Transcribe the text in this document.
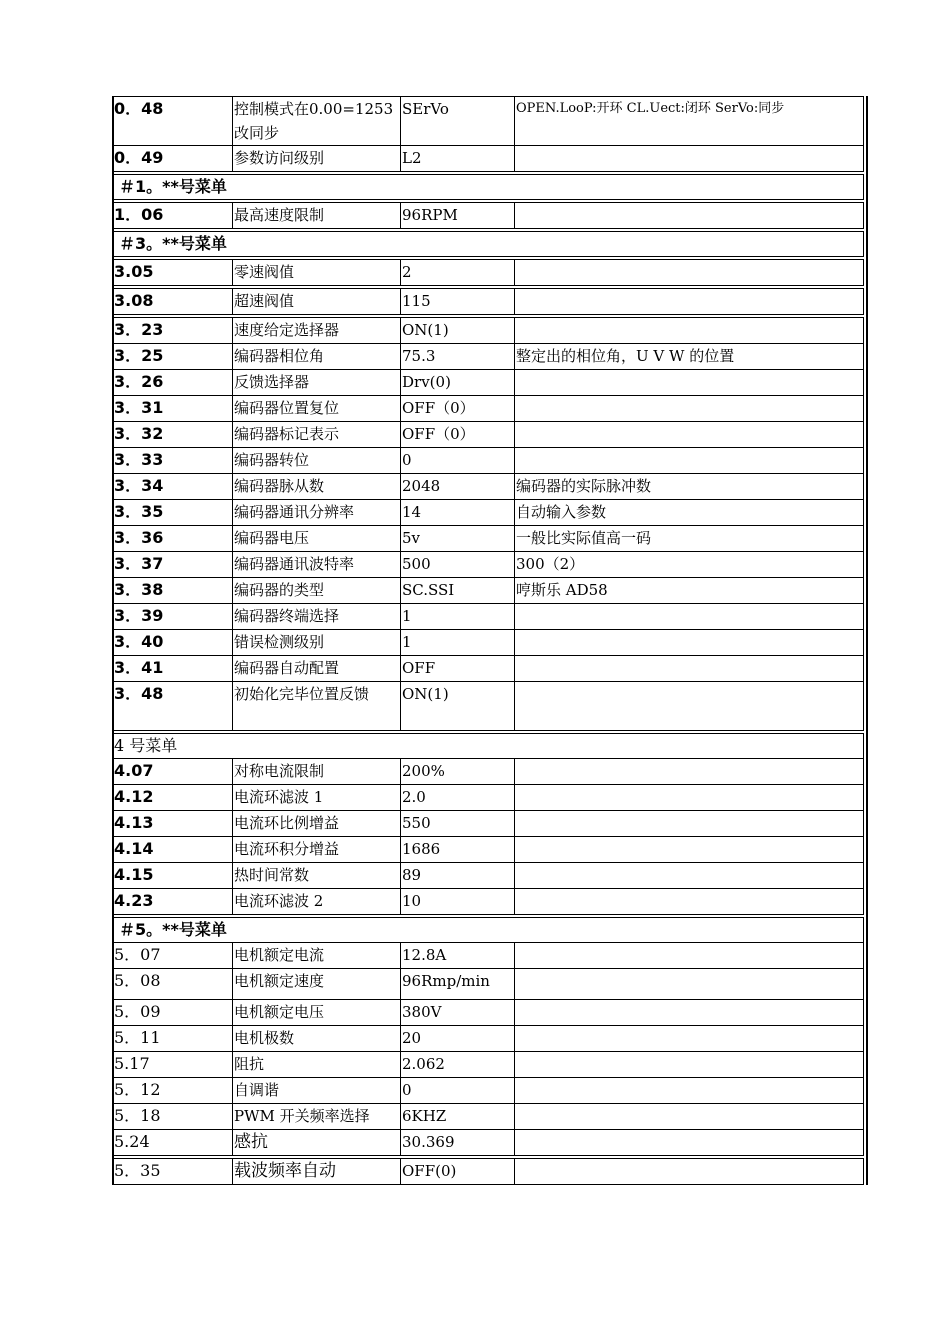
0．48	控制模式在0.00=1253改同步	SErVo	OPEN.LooP:开环 CL.Uect:闭环 SerVo:同步
0．49	参数访问级别	L2	
＃1。**号菜单			
1．06	最高速度限制	96RPM	
＃3。**号菜单			
3.05	零速阀值	2	
3.08	超速阀值	115	
3．23	速度给定选择器	ON(1)	
3．25	编码器相位角	75.3	整定出的相位角，U V W 的位置
3．26	反馈选择器	Drv(0)	
3．31	编码器位置复位	OFF（0）	
3．32	编码器标记表示	OFF（0）	
3．33	编码器转位	0	
3．34	编码器脉从数	2048	编码器的实际脉冲数
3．35	编码器通讯分辨率	14	自动输入参数
3．36	编码器电压	5v	一般比实际值高一码
3．37	编码器通讯波特率	500	300（2）
3．38	编码器的类型	SC.SSI	哼斯乐 AD58
3．39	编码器终端选择	1	
3．40	错误检测级别	1	
3．41	编码器自动配置	OFF	
3．48	初始化完毕位置反馈	ON(1)	
4 号菜单			
4.07	对称电流限制	200%	
4.12	电流环滤波 1	2.0	
4.13	电流环比例增益	550	
4.14	电流环积分增益	1686	
4.15	热时间常数	89	
4.23	电流环滤波 2	10	
＃5。**号菜单			
5．07	电机额定电流	12.8A	
5．08	电机额定速度	96Rmp/min	
5．09	电机额定电压	380V	
5．11	电机极数	20	
5.17	阻抗	2.062	
5．12	自调谐	0	
5．18	PWM 开关频率选择	6KHZ	
5.24	感抗	30.369	
5．35	载波频率自动	OFF(0)	
